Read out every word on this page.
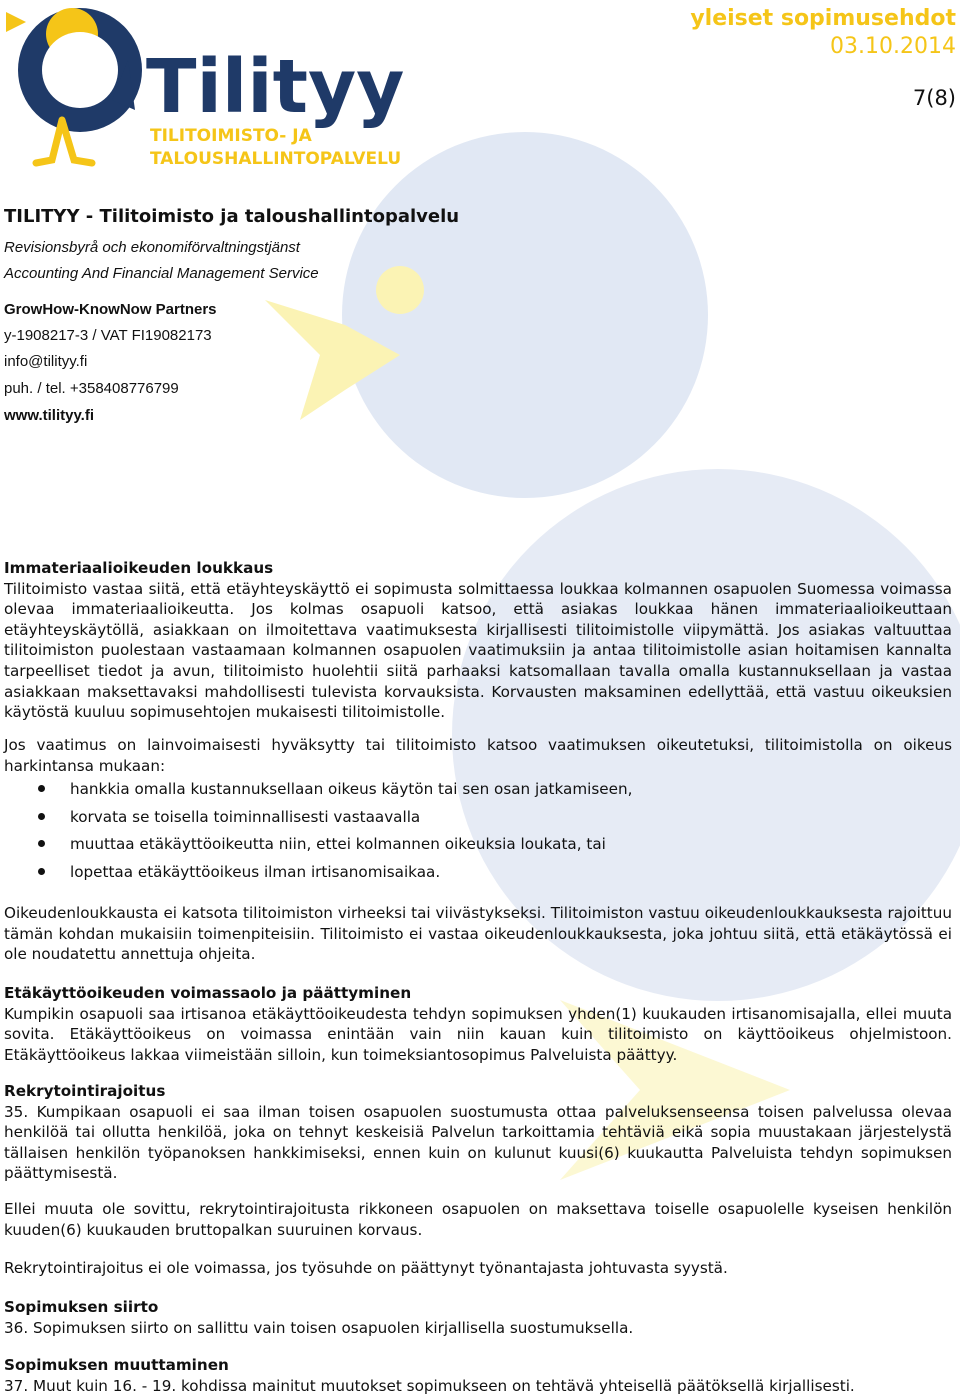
Tilityy
TILITOIMISTO- JA
TALOUSHALLINTOPALVELU
yleiset sopimusehdot
03.10.2014
7(8)
TILITYY - Tilitoimisto ja taloushallintopalvelu
Revisionsbyrå och ekonomiförvaltningstjänst
Accounting And Financial Management Service
GrowHow-KnowNow Partners
y-1908217-3 / VAT FI19082173
info@tilityy.fi
puh. / tel. +358408776799
www.tilityy.fi
Immateriaalioikeuden loukkaus
Tilitoimisto vastaa siitä, että etäyhteyskäyttö ei sopimusta solmittaessa loukkaa kolmannen osapuolen Suomessa voimassa olevaa immateriaalioikeutta. Jos kolmas osapuoli katsoo, että asiakas loukkaa hänen immateriaalioikeuttaan etäyhteyskäytöllä, asiakkaan on ilmoitettava vaatimuksesta kirjallisesti tilitoimistolle viipymättä. Jos asiakas valtuuttaa tilitoimiston puolestaan vastaamaan kolmannen osapuolen vaatimuksiin ja antaa tilitoimistolle asian hoitamisen kannalta tarpeelliset tiedot ja avun, tilitoimisto huolehtii siitä parhaaksi katsomallaan tavalla omalla kustannuksellaan ja vastaa asiakkaan maksettavaksi mahdollisesti tulevista korvauksista. Korvausten maksaminen edellyttää, että vastuu oikeuksien käytöstä kuuluu sopimusehtojen mukaisesti tilitoimistolle.
Jos vaatimus on lainvoimaisesti hyväksytty tai tilitoimisto katsoo vaatimuksen oikeutetuksi, tilitoimistolla on oikeus harkintansa mukaan:
hankkia omalla kustannuksellaan oikeus käytön tai sen osan jatkamiseen,
korvata se toisella toiminnallisesti vastaavalla
muuttaa etäkäyttöoikeutta niin, ettei kolmannen oikeuksia loukata, tai
lopettaa etäkäyttöoikeus ilman irtisanomisaikaa.
Oikeudenloukkausta ei katsota tilitoimiston virheeksi tai viivästykseksi. Tilitoimiston vastuu oikeudenloukkauksesta rajoittuu tämän kohdan mukaisiin toimenpiteisiin. Tilitoimisto ei vastaa oikeudenloukkauksesta, joka johtuu siitä, että etäkäytössä ei ole noudatettu annettuja ohjeita.
Etäkäyttöoikeuden voimassaolo ja päättyminen
Kumpikin osapuoli saa irtisanoa etäkäyttöoikeudesta tehdyn sopimuksen yhden(1) kuukauden irtisanomisajalla, ellei muuta sovita. Etäkäyttöoikeus on voimassa enintään vain niin kauan kuin tilitoimisto on käyttöoikeus ohjelmistoon. Etäkäyttöoikeus lakkaa viimeistään silloin, kun toimeksiantosopimus Palveluista päättyy.
Rekrytointirajoitus
35. Kumpikaan osapuoli ei saa ilman toisen osapuolen suostumusta ottaa palveluksenseensa toisen palvelussa olevaa henkilöä tai ollutta henkilöä, joka on tehnyt keskeisiä Palvelun tarkoittamia tehtäviä eikä sopia muustakaan järjestelystä tällaisen henkilön työpanoksen hankkimiseksi, ennen kuin on kulunut kuusi(6) kuukautta Palveluista tehdyn sopimuksen päättymisestä.
Ellei muuta ole sovittu, rekrytointirajoitusta rikkoneen osapuolen on maksettava toiselle osapuolelle kyseisen henkilön kuuden(6) kuukauden bruttopalkan suuruinen korvaus.
Rekrytointirajoitus ei ole voimassa, jos työsuhde on päättynyt työnantajasta johtuvasta syystä.
Sopimuksen siirto
36. Sopimuksen siirto on sallittu vain toisen osapuolen kirjallisella suostumuksella.
Sopimuksen muuttaminen
37. Muut kuin 16. - 19. kohdissa mainitut muutokset sopimukseen on tehtävä yhteisellä päätöksellä kirjallisesti.
